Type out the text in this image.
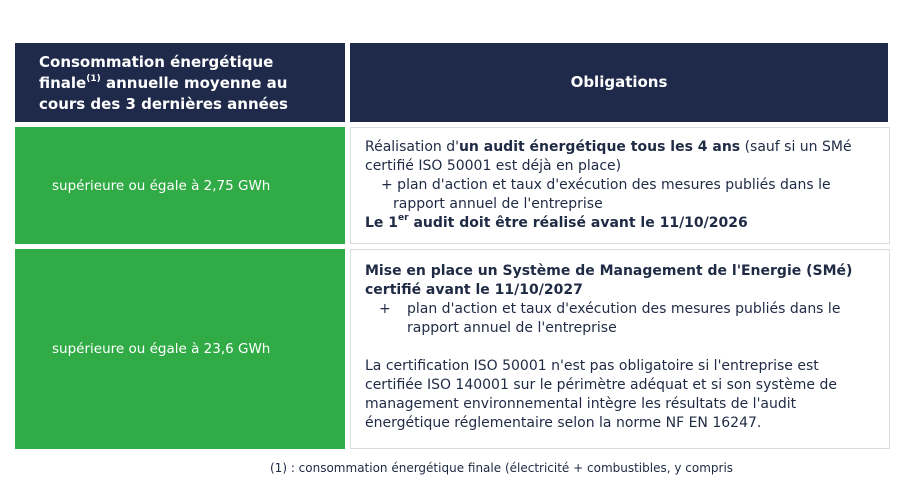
Consommation énergétique finale$^{(1)}$ annuelle moyenne au cours des 3 dernières années
Obligations
supérieure ou égale à 2,75 GWh
Réalisation d'un audit énergétique tous les 4 ans (sauf si un SMé certifié ISO 50001 est déjà en place)
+ plan d'action et taux d'exécution des mesures publiés dans le
rapport annuel de l'entreprise
Le 1er audit doit être réalisé avant le 11/10/2026
supérieure ou égale à 23,6 GWh
Mise en place un Système de Management de l'Energie (SMé) certifié avant le 11/10/2027
+	plan d'action et taux d'exécution des mesures publiés dans le rapport annuel de l'entreprise
La certification ISO 50001 n'est pas obligatoire si l'entreprise est certifiée ISO 140001 sur le périmètre adéquat et si son système de management environnemental intègre les résultats de l'audit énergétique réglementaire selon la norme NF EN 16247.
(1) : consommation énergétique finale (électricité + combustibles, y compris
